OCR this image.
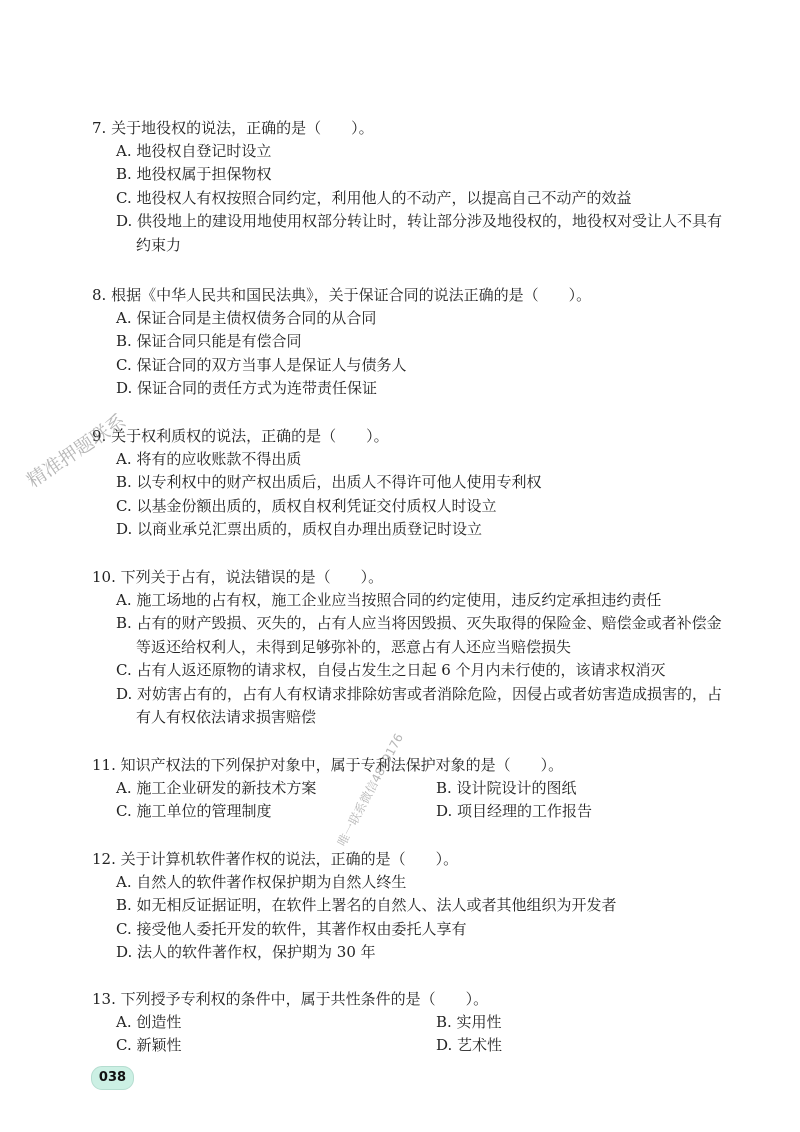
7. 关于地役权的说法，正确的是（　　）。

A. 地役权自登记时设立
B. 地役权属于担保物权
C. 地役权人有权按照合同约定，利用他人的不动产，以提高自己不动产的效益
D. 供役地上的建设用地使用权部分转让时，转让部分涉及地役权的，地役权对受让人不具有约束力

8. 根据《中华人民共和国民法典》，关于保证合同的说法正确的是（　　）。

A. 保证合同是主债权债务合同的从合同
B. 保证合同只能是有偿合同
C. 保证合同的双方当事人是保证人与债务人
D. 保证合同的责任方式为连带责任保证

9. 关于权利质权的说法，正确的是（　　）。

A. 将有的应收账款不得出质
B. 以专利权中的财产权出质后，出质人不得许可他人使用专利权
C. 以基金份额出质的，质权自权利凭证交付质权人时设立
D. 以商业承兑汇票出质的，质权自办理出质登记时设立

10. 下列关于占有，说法错误的是（　　）。

A. 施工场地的占有权，施工企业应当按照合同的约定使用，违反约定承担违约责任
B. 占有的财产毁损、灭失的，占有人应当将因毁损、灭失取得的保险金、赔偿金或者补偿金等返还给权利人，未得到足够弥补的，恶意占有人还应当赔偿损失
C. 占有人返还原物的请求权，自侵占发生之日起 6 个月内未行使的，该请求权消灭
D. 对妨害占有的，占有人有权请求排除妨害或者消除危险，因侵占或者妨害造成损害的，占有人有权依法请求损害赔偿

11. 知识产权法的下列保护对象中，属于专利法保护对象的是（　　）。

A. 施工企业研发的新技术方案	B. 设计院设计的图纸
C. 施工单位的管理制度	D. 项目经理的工作报告

12. 关于计算机软件著作权的说法，正确的是（　　）。

A. 自然人的软件著作权保护期为自然人终生
B. 如无相反证据证明，在软件上署名的自然人、法人或者其他组织为开发者
C. 接受他人委托开发的软件，其著作权由委托人享有
D. 法人的软件著作权，保护期为 30 年

13. 下列授予专利权的条件中，属于共性条件的是（　　）。

A. 创造性	B. 实用性
C. 新颖性	D. 艺术性
038
精准押题联系
唯一联系微信4849176
